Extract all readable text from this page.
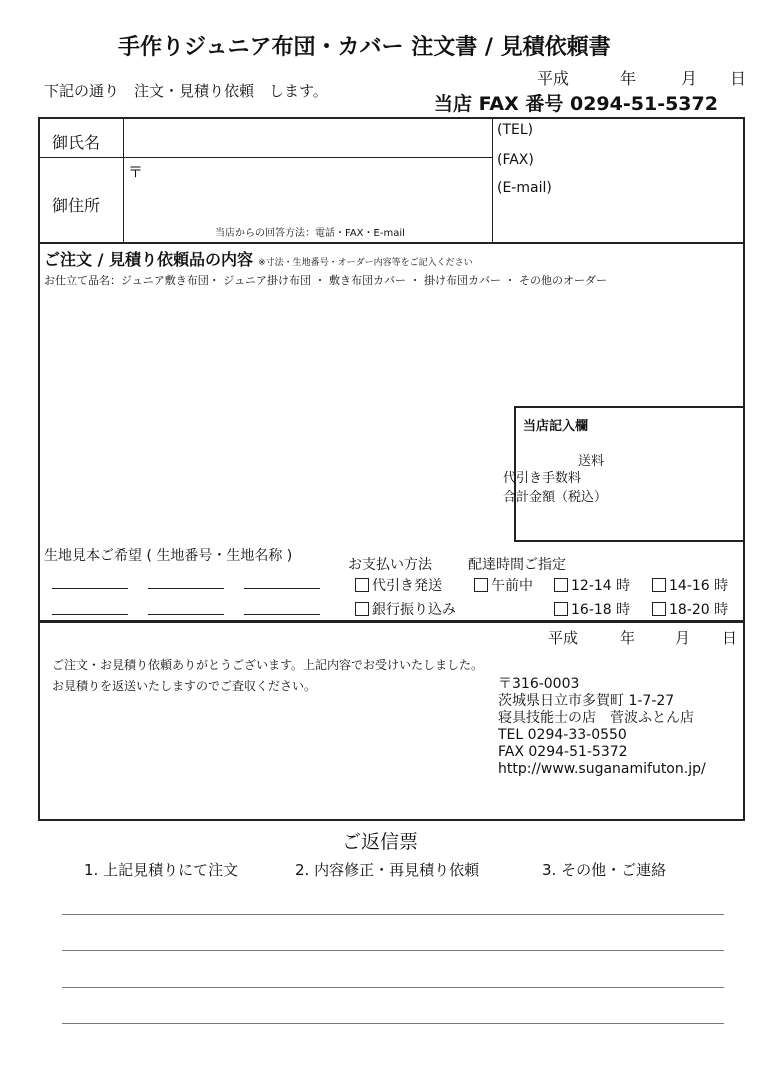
手作りジュニア布団・カバー 注文書 / 見積依頼書
下記の通り　注文・見積り依頼　します。
平成	年	月 日
当店 FAX 番号 0294-51-5372
御氏名
御住所
〒
当店からの回答方法：電話・FAX・E-mail
(TEL)
(FAX)
(E-mail)
ご注文 / 見積り依頼品の内容 ※寸法・生地番号・オーダー内容等をご記入ください
お仕立て品名：ジュニア敷き布団・ ジュニア掛け布団 ・ 敷き布団カバー ・ 掛け布団カバー ・ その他のオーダー
当店記入欄
送料
代引き手数料
合計金額（税込）
生地見本ご希望 ( 生地番号・生地名称 )
お支払い方法	配達時間ご指定
代引き発送
銀行振り込み
午前中	12-14 時	14-16 時
16-18 時	18-20 時
平成	年	月 日
ご注文・お見積り依頼ありがとうございます。上記内容でお受けいたしました。
お見積りを返送いたしますのでご査収ください。	〒316-0003
茨城県日立市多賀町 1-7-27
寝具技能士の店　菅波ふとん店
TEL 0294-33-0550
FAX 0294-51-5372
http://www.suganamifuton.jp/
ご返信票
1. 上記見積りにて注文	2. 内容修正・再見積り依頼	3. その他・ご連絡
